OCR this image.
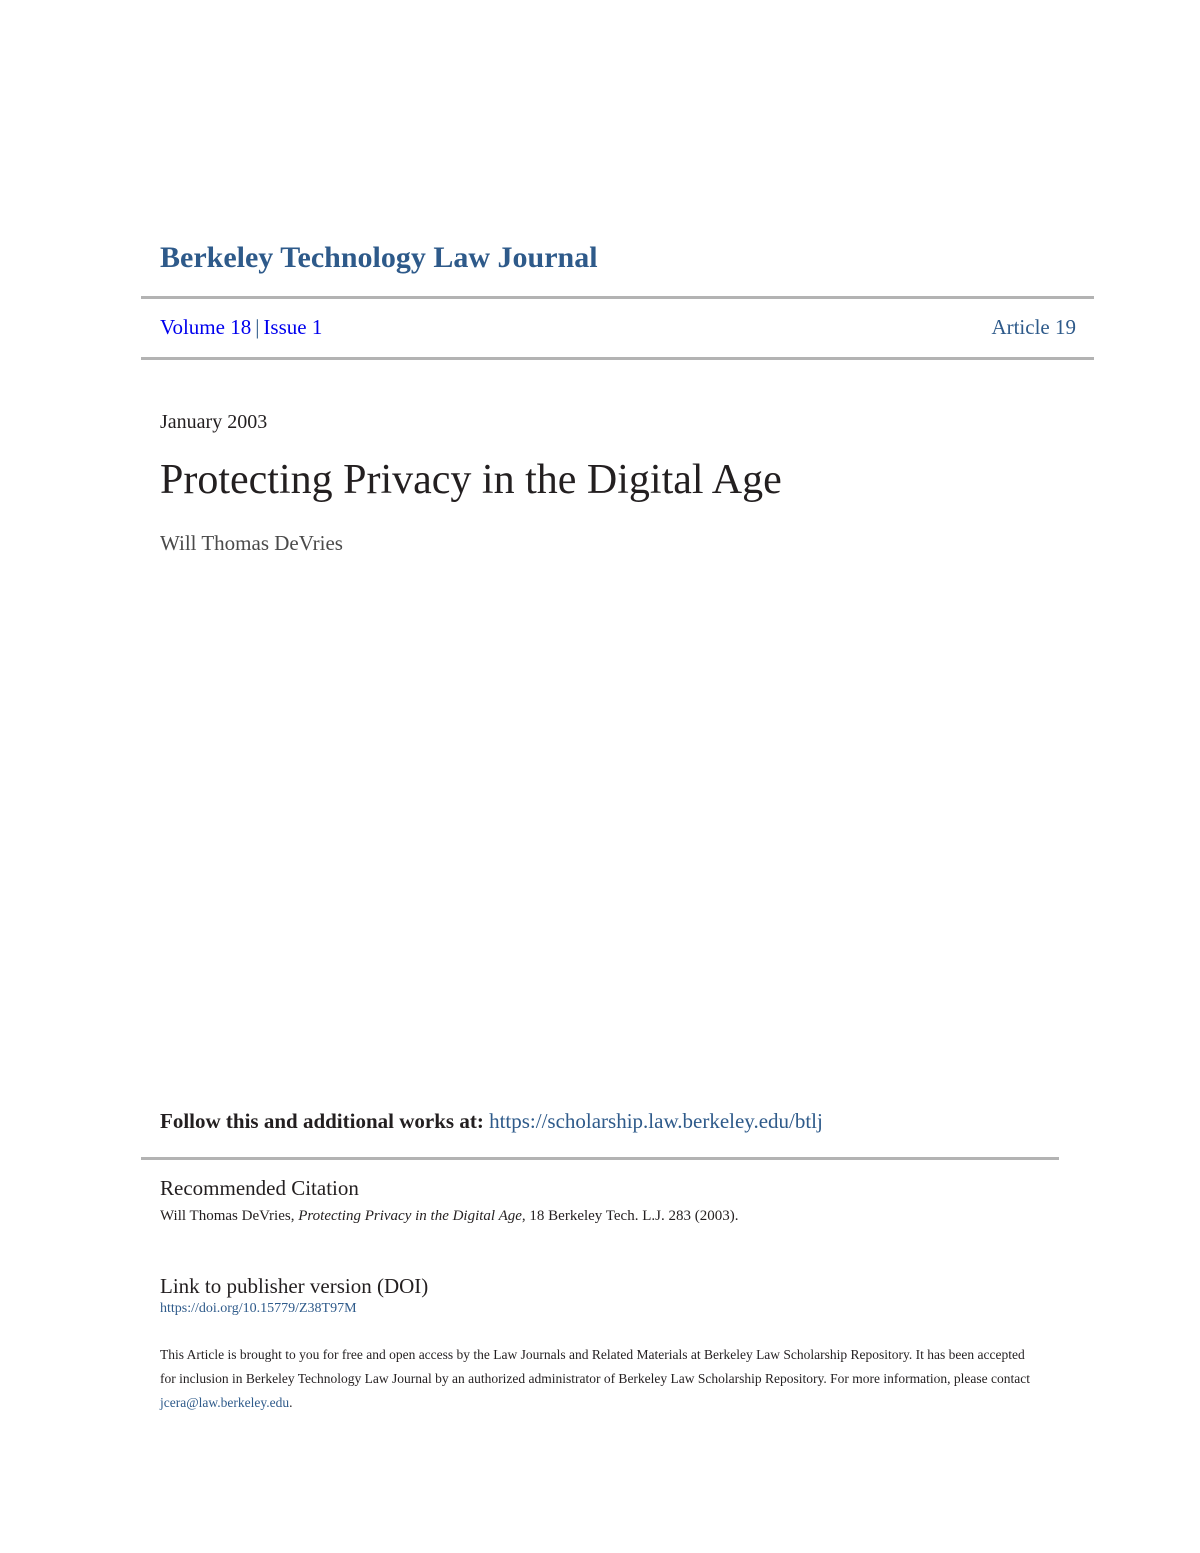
Berkeley Technology Law Journal
Volume 18 | Issue 1	Article 19
January 2003
Protecting Privacy in the Digital Age
Will Thomas DeVries
Follow this and additional works at: https://scholarship.law.berkeley.edu/btlj
Recommended Citation
Will Thomas DeVries, Protecting Privacy in the Digital Age, 18 Berkeley Tech. L.J. 283 (2003).
Link to publisher version (DOI)
https://doi.org/10.15779/Z38T97M
This Article is brought to you for free and open access by the Law Journals and Related Materials at Berkeley Law Scholarship Repository. It has been accepted for inclusion in Berkeley Technology Law Journal by an authorized administrator of Berkeley Law Scholarship Repository. For more information, please contact jcera@law.berkeley.edu.
